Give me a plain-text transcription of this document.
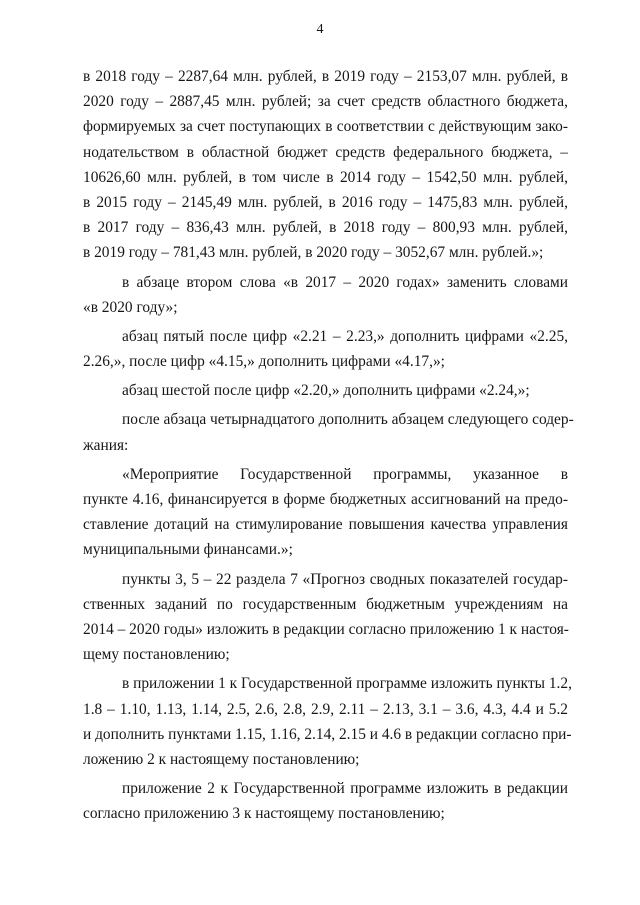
4
в 2018 году – 2287,64 млн. рублей, в 2019 году – 2153,07 млн. рублей, в
2020 году – 2887,45 млн. рублей; за счет средств областного бюджета,
формируемых за счет поступающих в соответствии с действующим зако-
нодательством в областной бюджет средств федерального бюджета, –
10626,60 млн. рублей, в том числе в 2014 году – 1542,50 млн. рублей,
в 2015 году – 2145,49 млн. рублей, в 2016 году – 1475,83 млн. рублей,
в 2017 году – 836,43 млн. рублей, в 2018 году – 800,93 млн. рублей,
в 2019 году – 781,43 млн. рублей, в 2020 году – 3052,67 млн. рублей.»;
в абзаце втором слова «в 2017 – 2020 годах» заменить словами
«в 2020 году»;
абзац пятый после цифр «2.21 – 2.23,» дополнить цифрами «2.25,
2.26,», после цифр «4.15,» дополнить цифрами «4.17,»;
абзац шестой после цифр «2.20,» дополнить цифрами «2.24,»;
после абзаца четырнадцатого дополнить абзацем следующего содер-
жания:
«Мероприятие Государственной программы, указанное в
пункте 4.16, финансируется в форме бюджетных ассигнований на предо-
ставление дотаций на стимулирование повышения качества управления
муниципальными финансами.»;
пункты 3, 5 – 22 раздела 7 «Прогноз сводных показателей государ-
ственных заданий по государственным бюджетным учреждениям на
2014 – 2020 годы» изложить в редакции согласно приложению 1 к настоя-
щему постановлению;
в приложении 1 к Государственной программе изложить пункты 1.2,
1.8 – 1.10, 1.13, 1.14, 2.5, 2.6, 2.8, 2.9, 2.11 – 2.13, 3.1 – 3.6, 4.3, 4.4 и 5.2
и дополнить пунктами 1.15, 1.16, 2.14, 2.15 и 4.6 в редакции согласно при-
ложению 2 к настоящему постановлению;
приложение 2 к Государственной программе изложить в редакции
согласно приложению 3 к настоящему постановлению;
